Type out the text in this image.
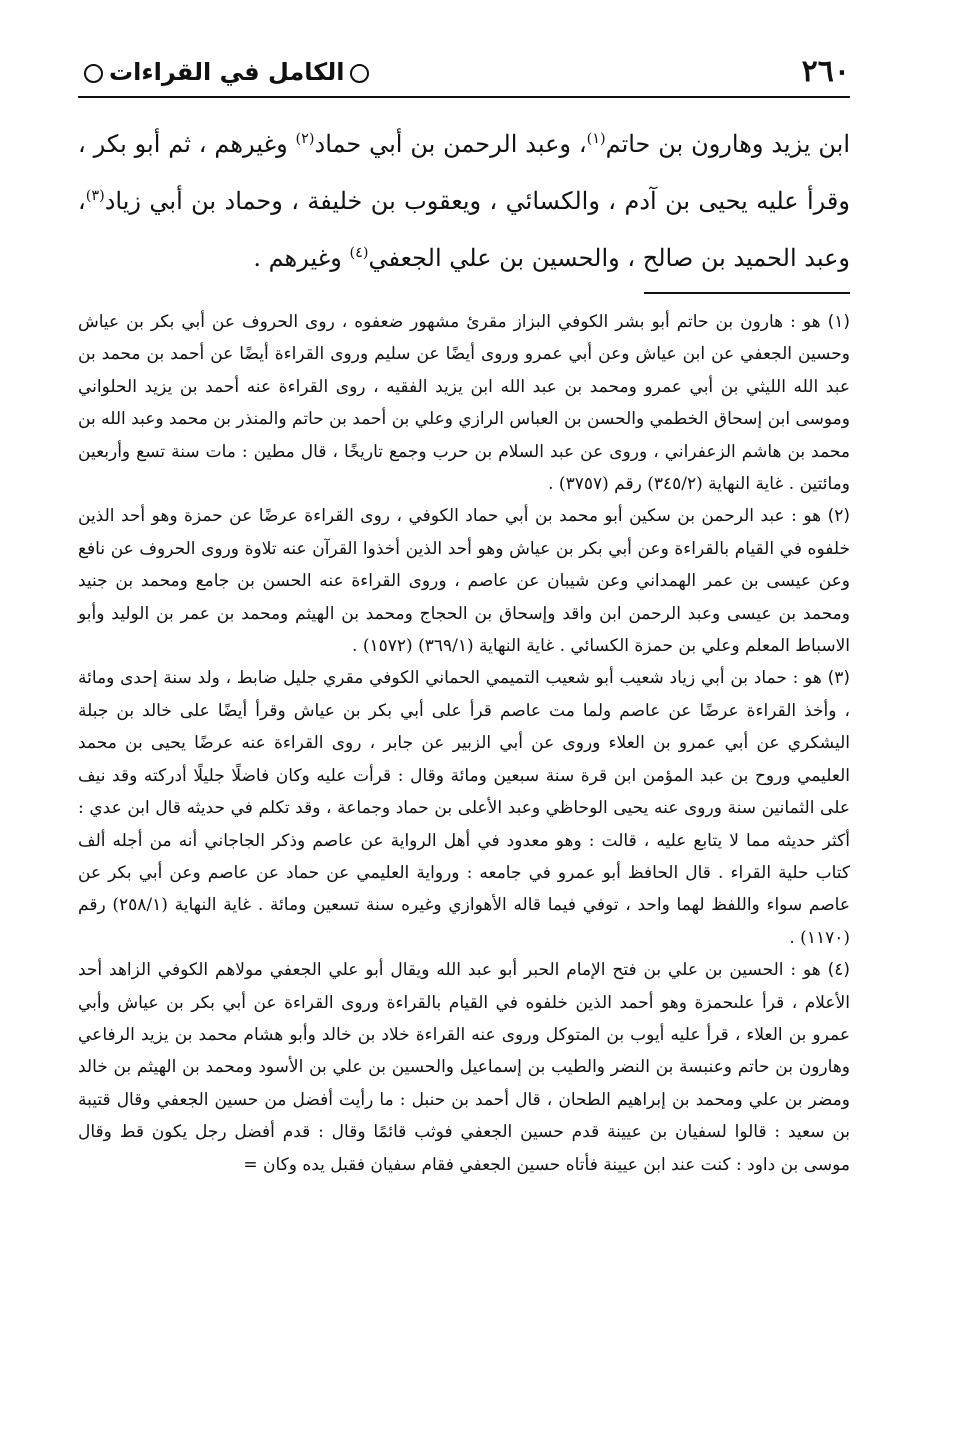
٢٦٠
الكامل في القراءات

ابن يزيد وهارون بن حاتم$^{(١)}$، وعبد الرحمن بن أبي حماد$^{(٢)}$ وغيرهم ، ثم أبو بكر ، وقرأ عليه يحيى بن آدم ، والكسائي ، ويعقوب بن خليفة ، وحماد بن أبي زياد$^{(٣)}$، وعبد الحميد بن صالح ، والحسين بن علي الجعفي$^{(٤)}$ وغيرهم .

(١) هو : هارون بن حاتم أبو بشر الكوفي البزاز مقرئ مشهور ضعفوه ، روى الحروف عن أبي بكر بن عياش وحسين الجعفي عن ابن عياش وعن أبي عمرو وروى أيضًا عن سليم وروى القراءة أيضًا عن أحمد بن محمد بن عبد الله الليثي بن أبي عمرو ومحمد بن عبد الله ابن يزيد الفقيه ، روى القراءة عنه أحمد بن يزيد الحلواني وموسى ابن إسحاق الخطمي والحسن بن العباس الرازي وعلي بن أحمد بن حاتم والمنذر بن محمد وعبد الله بن محمد بن هاشم الزعفراني ، وروى عن عبد السلام بن حرب وجمع تاريخًا ، قال مطين : مات سنة تسع وأربعين ومائتين . غاية النهاية (٣٤٥/٢) رقم (٣٧٥٧) .

(٢) هو : عبد الرحمن بن سكين أبو محمد بن أبي حماد الكوفي ، روى القراءة عرضًا عن حمزة وهو أحد الذين خلفوه في القيام بالقراءة وعن أبي بكر بن عياش وهو أحد الذين أخذوا القرآن عنه تلاوة وروى الحروف عن نافع وعن عيسى بن عمر الهمداني وعن شيبان عن عاصم ، وروى القراءة عنه الحسن بن جامع ومحمد بن جنيد ومحمد بن عيسى وعبد الرحمن ابن واقد وإسحاق بن الحجاج ومحمد بن الهيثم ومحمد بن عمر بن الوليد وأبو الاسباط المعلم وعلي بن حمزة الكسائي . غاية النهاية (٣٦٩/١) (١٥٧٢) .

(٣) هو : حماد بن أبي زياد شعيب أبو شعيب التميمي الحماني الكوفي مقري جليل ضابط ، ولد سنة إحدى ومائة ، وأخذ القراءة عرضًا عن عاصم ولما مت عاصم قرأ على أبي بكر بن عياش وقرأ أيضًا على خالد بن جبلة اليشكري عن أبي عمرو بن العلاء وروى عن أبي الزبير عن جابر ، روى القراءة عنه عرضًا يحيى بن محمد العليمي وروح بن عبد المؤمن ابن قرة سنة سبعين ومائة وقال : قرأت عليه وكان فاضلًا جليلًا أدركته وقد نيف على الثمانين سنة وروى عنه يحيى الوحاظي وعبد الأعلى بن حماد وجماعة ، وقد تكلم في حديثه قال ابن عدي : أكثر حديثه مما لا يتابع عليه ، قالت : وهو معدود في أهل الرواية عن عاصم وذكر الجاجاني أنه من أجله ألف كتاب حلية القراء . قال الحافظ أبو عمرو في جامعه : ورواية العليمي عن حماد عن عاصم وعن أبي بكر عن عاصم سواء واللفظ لهما واحد ، توفي فيما قاله الأهوازي وغيره سنة تسعين ومائة . غاية النهاية (٢٥٨/١) رقم (١١٧٠) .

(٤) هو : الحسين بن علي بن فتح الإمام الحبر أبو عبد الله ويقال أبو علي الجعفي مولاهم الكوفي الزاهد أحد الأعلام ، قرأ علىحمزة وهو أحمد الذين خلفوه في القيام بالقراءة وروى القراءة عن أبي بكر بن عياش وأبي عمرو بن العلاء ، قرأ عليه أيوب بن المتوكل وروى عنه القراءة خلاد بن خالد وأبو هشام محمد بن يزيد الرفاعي وهارون بن حاتم وعنبسة بن النضر والطيب بن إسماعيل والحسين بن علي بن الأسود ومحمد بن الهيثم بن خالد ومضر بن علي ومحمد بن إبراهيم الطحان ، قال أحمد بن حنبل : ما رأيت أفضل من حسين الجعفي وقال قتيبة بن سعيد : قالوا لسفيان بن عيينة قدم حسين الجعفي فوثب قائمًا وقال : قدم أفضل رجل يكون قط وقال موسى بن داود : كنت عند ابن عيينة فأتاه حسين الجعفي فقام سفيان فقبل يده وكان =
